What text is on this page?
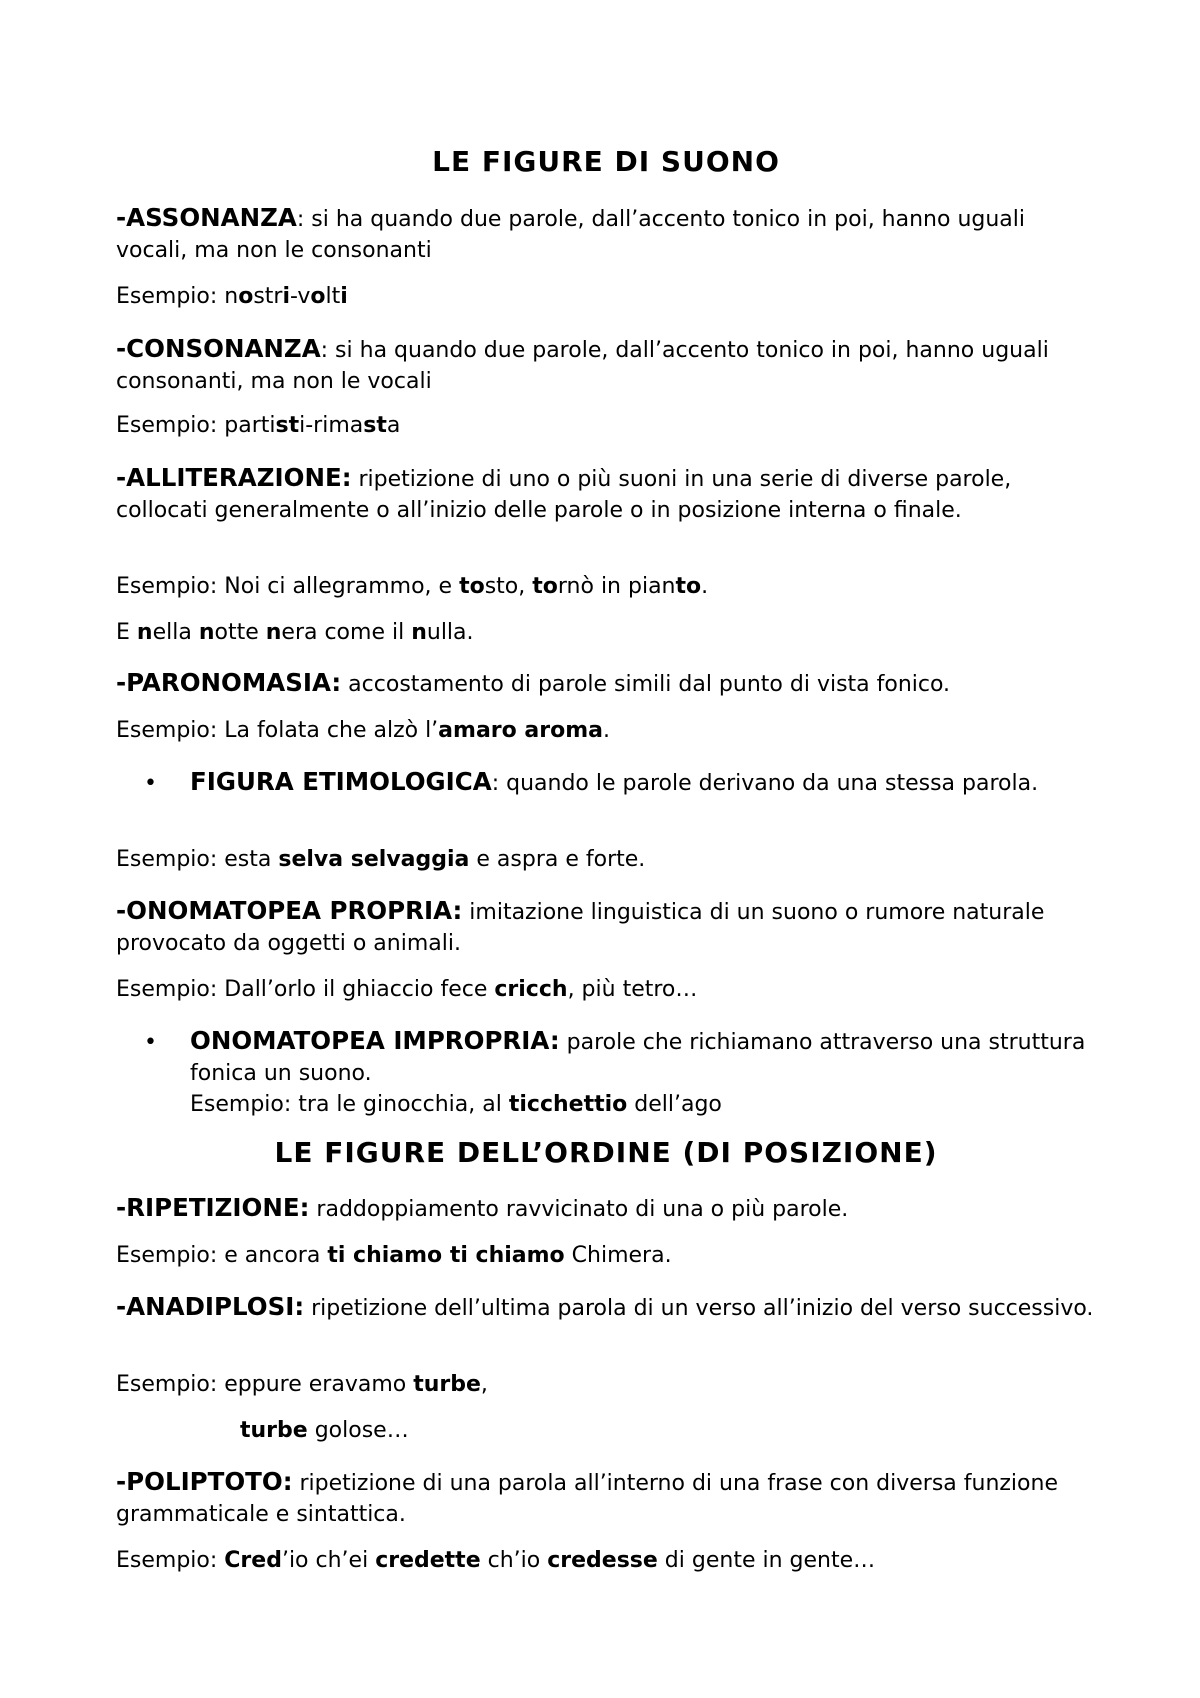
LE FIGURE DI SUONO

-ASSONANZA: si ha quando due parole, dall’accento tonico in poi, hanno uguali vocali, ma non le consonanti

Esempio: nostri-volti

-CONSONANZA: si ha quando due parole, dall’accento tonico in poi, hanno uguali consonanti, ma non le vocali

Esempio: partisti-rimasta

-ALLITERAZIONE: ripetizione di uno o più suoni in una serie di diverse parole, collocati generalmente o all’inizio delle parole o in posizione interna o finale.

Esempio: Noi ci allegrammo, e tosto, tornò in pianto.

E nella notte nera come il nulla.

-PARONOMASIA: accostamento di parole simili dal punto di vista fonico.

Esempio: La folata che alzò l’amaro aroma.

• FIGURA ETIMOLOGICA: quando le parole derivano da una stessa parola.

Esempio: esta selva selvaggia e aspra e forte.

-ONOMATOPEA PROPRIA: imitazione linguistica di un suono o rumore naturale provocato da oggetti o animali.

Esempio: Dall’orlo il ghiaccio fece cricch, più tetro…

• ONOMATOPEA IMPROPRIA: parole che richiamano attraverso una struttura fonica un suono.
Esempio: tra le ginocchia, al ticchettio dell’ago

LE FIGURE DELL’ORDINE (DI POSIZIONE)

-RIPETIZIONE: raddoppiamento ravvicinato di una o più parole.

Esempio: e ancora ti chiamo ti chiamo Chimera.

-ANADIPLOSI: ripetizione dell’ultima parola di un verso all’inizio del verso successivo.

Esempio: eppure eravamo turbe,

turbe golose…

-POLIPTOTO: ripetizione di una parola all’interno di una frase con diversa funzione grammaticale e sintattica.

Esempio: Cred’io ch’ei credette ch’io credesse di gente in gente…
